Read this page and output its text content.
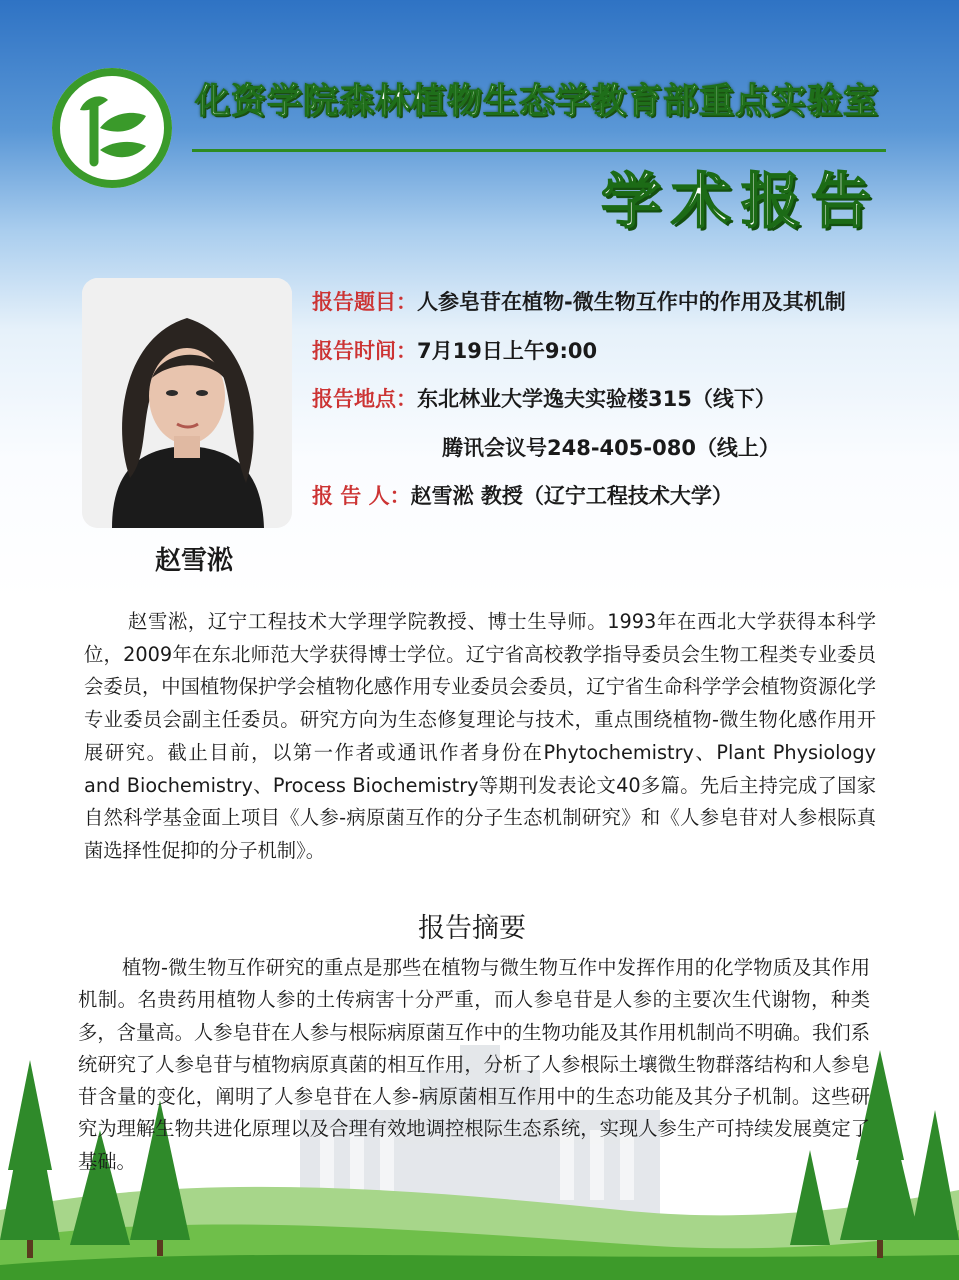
化资学院森林植物生态学教育部重点实验室
学术报告
赵雪淞
报告题目：人参皂苷在植物-微生物互作中的作用及其机制
报告时间：7月19日上午9:00
报告地点：东北林业大学逸夫实验楼315（线下）
腾讯会议号248-405-080（线上）
报 告 人：赵雪淞 教授（辽宁工程技术大学）

赵雪淞，辽宁工程技术大学理学院教授、博士生导师。1993年在西北大学获得本科学位，2009年在东北师范大学获得博士学位。辽宁省高校教学指导委员会生物工程类专业委员会委员，中国植物保护学会植物化感作用专业委员会委员，辽宁省生命科学学会植物资源化学专业委员会副主任委员。研究方向为生态修复理论与技术，重点围绕植物-微生物化感作用开展研究。截止目前，以第一作者或通讯作者身份在Phytochemistry、Plant Physiology and Biochemistry、Process Biochemistry等期刊发表论文40多篇。先后主持完成了国家自然科学基金面上项目《人参-病原菌互作的分子生态机制研究》和《人参皂苷对人参根际真菌选择性促抑的分子机制》。

报告摘要

植物-微生物互作研究的重点是那些在植物与微生物互作中发挥作用的化学物质及其作用机制。名贵药用植物人参的土传病害十分严重，而人参皂苷是人参的主要次生代谢物，种类多，含量高。人参皂苷在人参与根际病原菌互作中的生物功能及其作用机制尚不明确。我们系统研究了人参皂苷与植物病原真菌的相互作用，分析了人参根际土壤微生物群落结构和人参皂苷含量的变化，阐明了人参皂苷在人参-病原菌相互作用中的生态功能及其分子机制。这些研究为理解生物共进化原理以及合理有效地调控根际生态系统，实现人参生产可持续发展奠定了基础。
